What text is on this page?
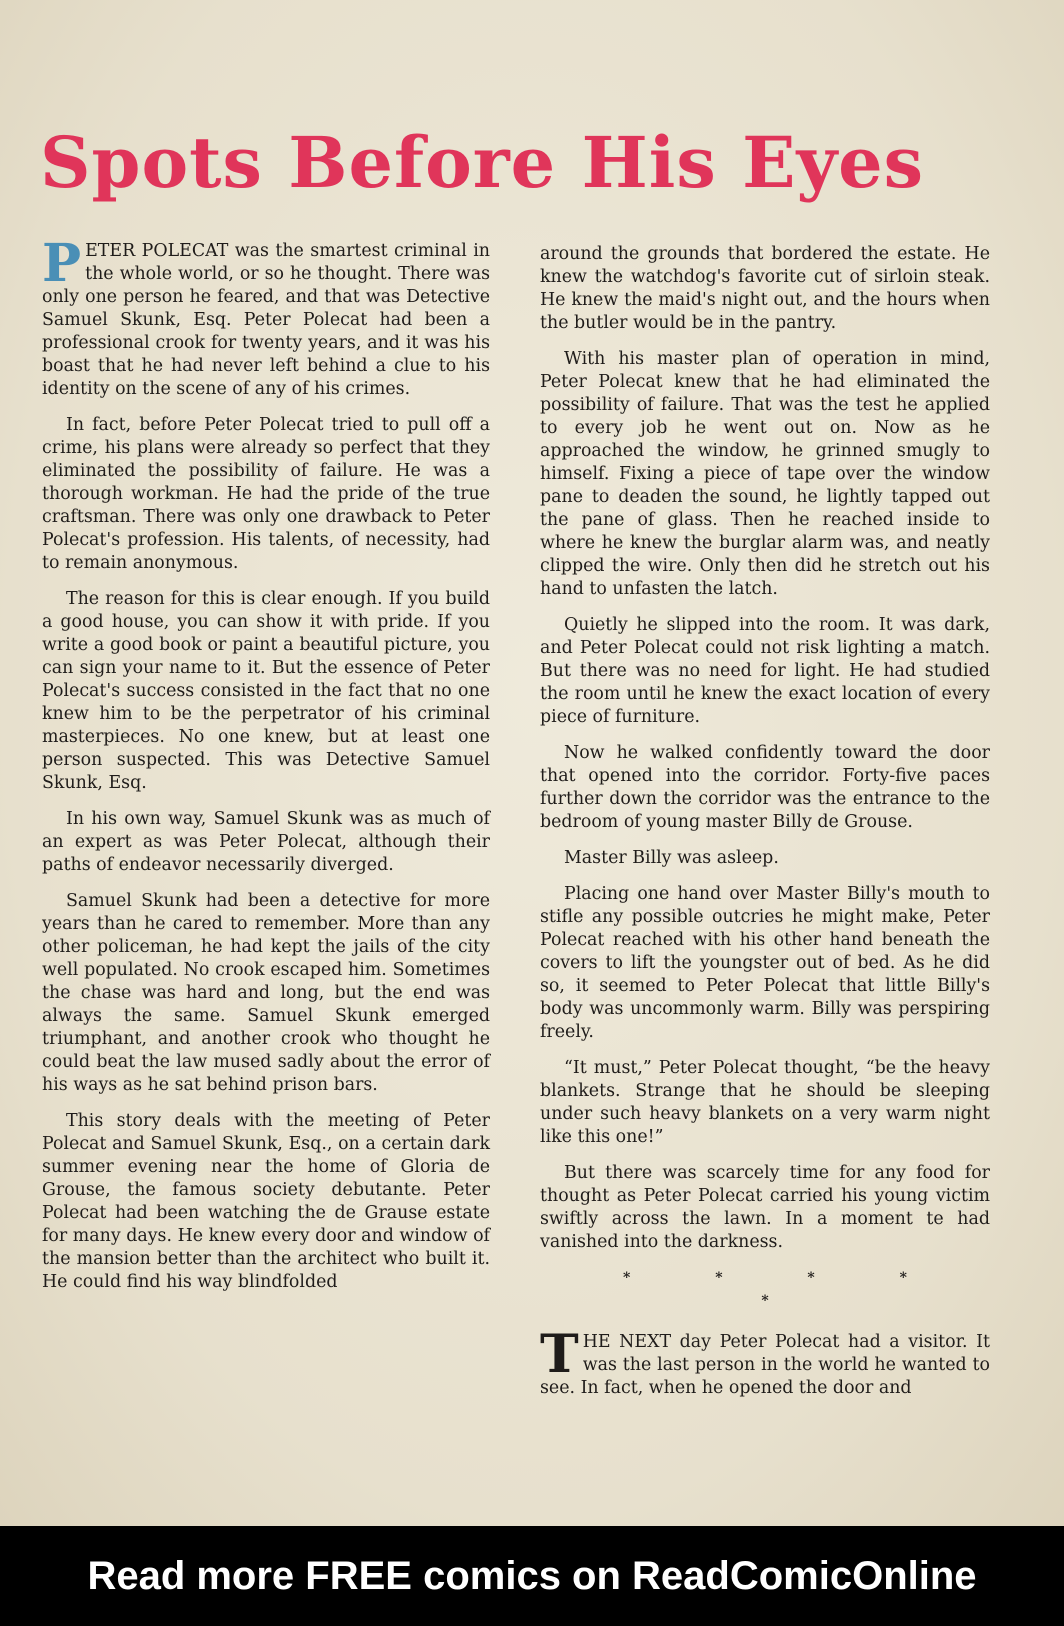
Spots Before His Eyes

PETER POLECAT was the smartest criminal in the whole world, or so he thought. There was only one person he feared, and that was Detective Samuel Skunk, Esq. Peter Polecat had been a professional crook for twenty years, and it was his boast that he had never left behind a clue to his identity on the scene of any of his crimes.

In fact, before Peter Polecat tried to pull off a crime, his plans were already so perfect that they eliminated the possibility of failure. He was a thorough workman. He had the pride of the true craftsman. There was only one drawback to Peter Polecat's profession. His talents, of necessity, had to remain anonymous.

The reason for this is clear enough. If you build a good house, you can show it with pride. If you write a good book or paint a beautiful picture, you can sign your name to it. But the essence of Peter Polecat's success consisted in the fact that no one knew him to be the perpetrator of his criminal masterpieces. No one knew, but at least one person suspected. This was Detective Samuel Skunk, Esq.

In his own way, Samuel Skunk was as much of an expert as was Peter Polecat, although their paths of endeavor necessarily diverged.

Samuel Skunk had been a detective for more years than he cared to remember. More than any other policeman, he had kept the jails of the city well populated. No crook escaped him. Sometimes the chase was hard and long, but the end was always the same. Samuel Skunk emerged triumphant, and another crook who thought he could beat the law mused sadly about the error of his ways as he sat behind prison bars.

This story deals with the meeting of Peter Polecat and Samuel Skunk, Esq., on a certain dark summer evening near the home of Gloria de Grouse, the famous society debutante. Peter Polecat had been watching the de Grause estate for many days. He knew every door and window of the mansion better than the architect who built it. He could find his way blindfolded

around the grounds that bordered the estate. He knew the watchdog's favorite cut of sirloin steak. He knew the maid's night out, and the hours when the butler would be in the pantry.

With his master plan of operation in mind, Peter Polecat knew that he had eliminated the possibility of failure. That was the test he applied to every job he went out on. Now as he approached the window, he grinned smugly to himself. Fixing a piece of tape over the window pane to deaden the sound, he lightly tapped out the pane of glass. Then he reached inside to where he knew the burglar alarm was, and neatly clipped the wire. Only then did he stretch out his hand to unfasten the latch.

Quietly he slipped into the room. It was dark, and Peter Polecat could not risk lighting a match. But there was no need for light. He had studied the room until he knew the exact location of every piece of furniture.

Now he walked confidently toward the door that opened into the corridor. Forty-five paces further down the corridor was the entrance to the bedroom of young master Billy de Grouse.

Master Billy was asleep.

Placing one hand over Master Billy's mouth to stifle any possible outcries he might make, Peter Polecat reached with his other hand beneath the covers to lift the youngster out of bed. As he did so, it seemed to Peter Polecat that little Billy's body was uncommonly warm. Billy was perspiring freely.

“It must,” Peter Polecat thought, “be the heavy blankets. Strange that he should be sleeping under such heavy blankets on a very warm night like this one!”

But there was scarcely time for any food for thought as Peter Polecat carried his young victim swiftly across the lawn. In a moment te had vanished into the darkness.

* * * * *

THE NEXT day Peter Polecat had a visitor. It was the last person in the world he wanted to see. In fact, when he opened the door and

Read more FREE comics on ReadComicOnline
